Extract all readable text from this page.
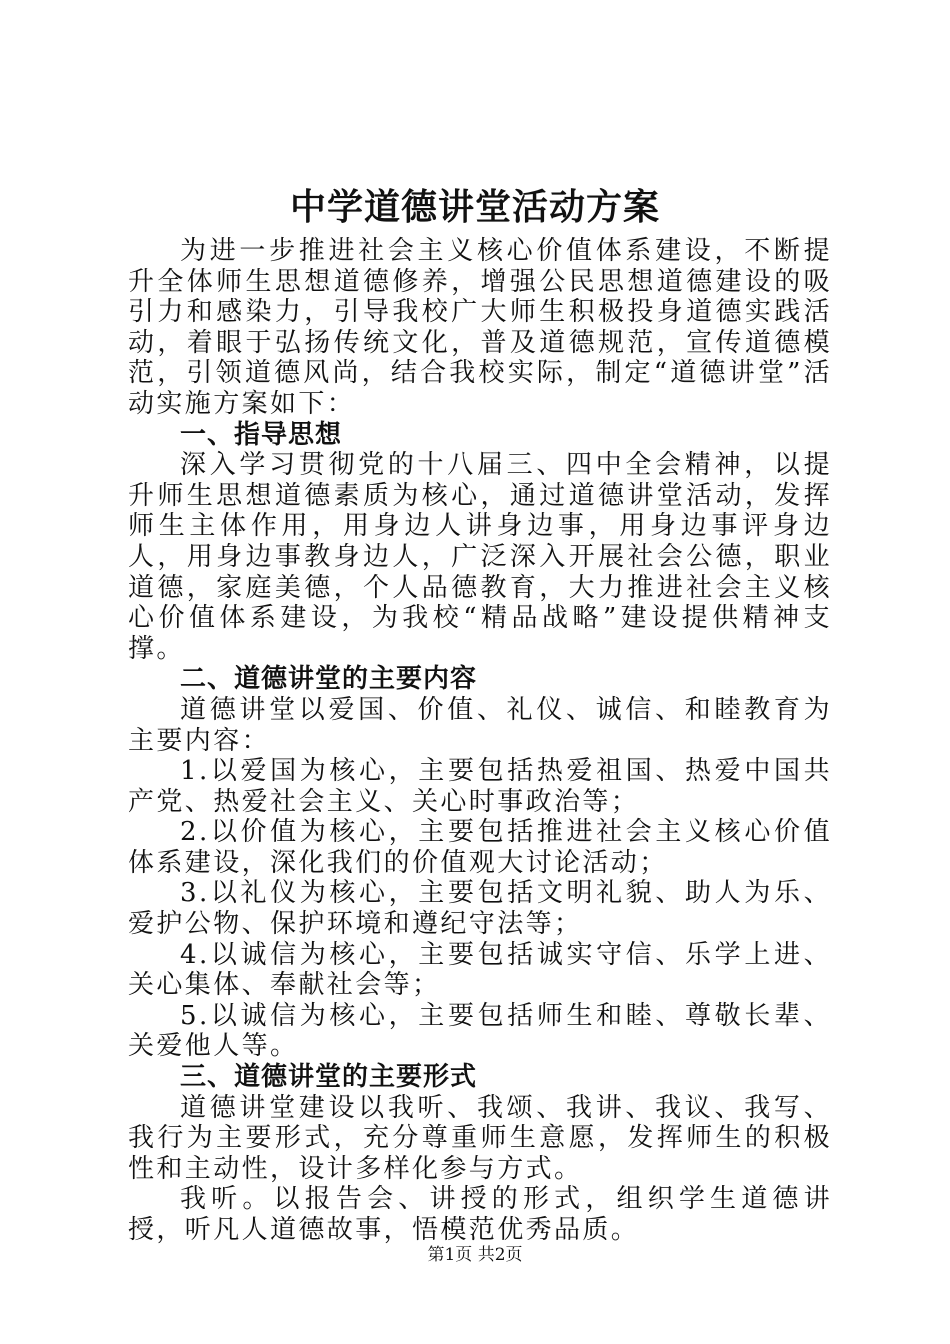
中学道德讲堂活动方案

为进一步推进社会主义核心价值体系建设，不断提升全体师生思想道德修养，增强公民思想道德建设的吸引力和感染力，引导我校广大师生积极投身道德实践活动，着眼于弘扬传统文化，普及道德规范，宣传道德模范，引领道德风尚，结合我校实际，制定“道德讲堂”活动实施方案如下：

一、指导思想

深入学习贯彻党的十八届三、四中全会精神，以提升师生思想道德素质为核心，通过道德讲堂活动，发挥师生主体作用，用身边人讲身边事，用身边事评身边人，用身边事教身边人，广泛深入开展社会公德，职业道德，家庭美德，个人品德教育，大力推进社会主义核心价值体系建设，为我校“精品战略”建设提供精神支撑。

二、道德讲堂的主要内容

道德讲堂以爱国、价值、礼仪、诚信、和睦教育为主要内容：

1.以爱国为核心，主要包括热爱祖国、热爱中国共产党、热爱社会主义、关心时事政治等；

2.以价值为核心，主要包括推进社会主义核心价值体系建设，深化我们的价值观大讨论活动；

3.以礼仪为核心，主要包括文明礼貌、助人为乐、爱护公物、保护环境和遵纪守法等；

4.以诚信为核心，主要包括诚实守信、乐学上进、关心集体、奉献社会等；

5.以诚信为核心，主要包括师生和睦、尊敬长辈、关爱他人等。

三、道德讲堂的主要形式

道德讲堂建设以我听、我颂、我讲、我议、我写、我行为主要形式，充分尊重师生意愿，发挥师生的积极性和主动性，设计多样化参与方式。

我听。以报告会、讲授的形式，组织学生道德讲授，听凡人道德故事，悟模范优秀品质。

第1页 共2页
